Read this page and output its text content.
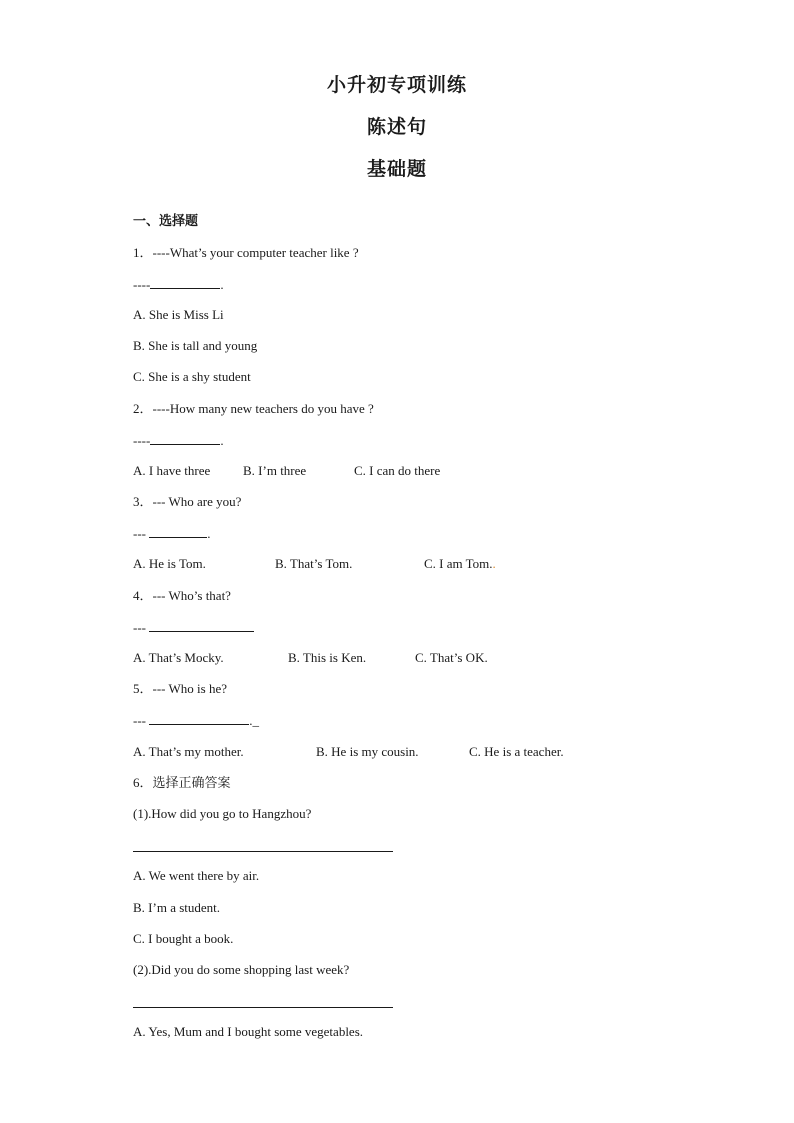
小升初专项训练
陈述句
基础题
一、选择题
1．----What’s your computer teacher like ?
----	.
A. She is Miss Li
B. She is tall and young
C. She is a shy student
2．----How many new teachers do you have ?
----	.
A. I have three	B. I’m three	C. I can do there
3．--- Who are you?
---	.
A. He is Tom.	B. That’s Tom.	C. I am Tom..
4．--- Who’s that?
---
A. That’s Mocky.	B. This is Ken.	C. That’s OK.
5．--- Who is he?
---	._
A. That’s my mother.	B. He is my cousin.	C. He is a teacher.
6．选择正确答案
(1).How did you go to Hangzhou?
A. We went there by air.
B. I’m a student.
C. I bought a book.
(2).Did you do some shopping last week?
A. Yes, Mum and I bought some vegetables.
